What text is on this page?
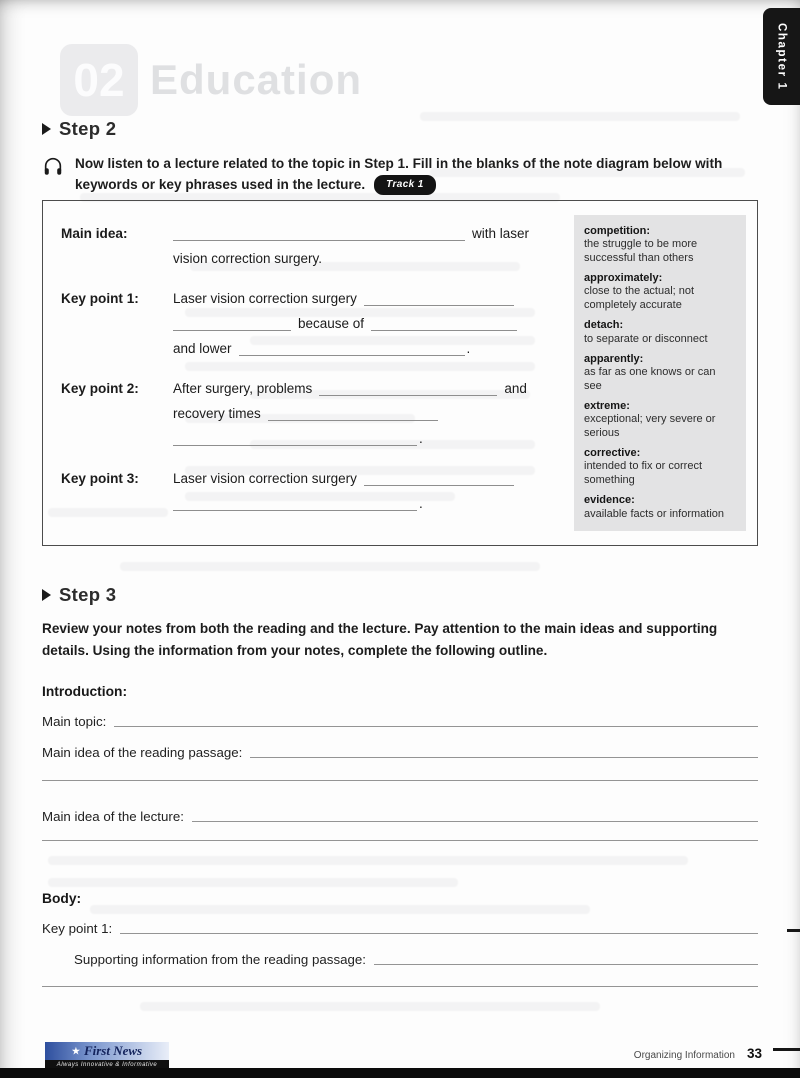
02 Education	Chapter 1
Step 2

Now listen to a lecture related to the topic in Step 1. Fill in the blanks of the note diagram below with keywords or key phrases used in the lecture. Track 1

Main idea:	with laser
vision correction surgery.
Key point 1:	Laser vision correction surgery
because of
and lower	.
Key point 2:	After surgery, problems	and
recovery times
.
Key point 3:	Laser vision correction surgery
.
competition:
the struggle to be more successful than others
approximately:
close to the actual; not completely accurate
detach:
to separate or disconnect
apparently:
as far as one knows or can see
extreme:
exceptional; very severe or serious
corrective:
intended to fix or correct something
evidence:
available facts or information
Step 3

Review your notes from both the reading and the lecture. Pay attention to the main ideas and supporting details. Using the information from your notes, complete the following outline.

Introduction:
Main topic:
Main idea of the reading passage:
Main idea of the lecture:
Body:
Key point 1:
Supporting information from the reading passage:
★ First News
Always Innovative & Informative
Organizing Information 33
